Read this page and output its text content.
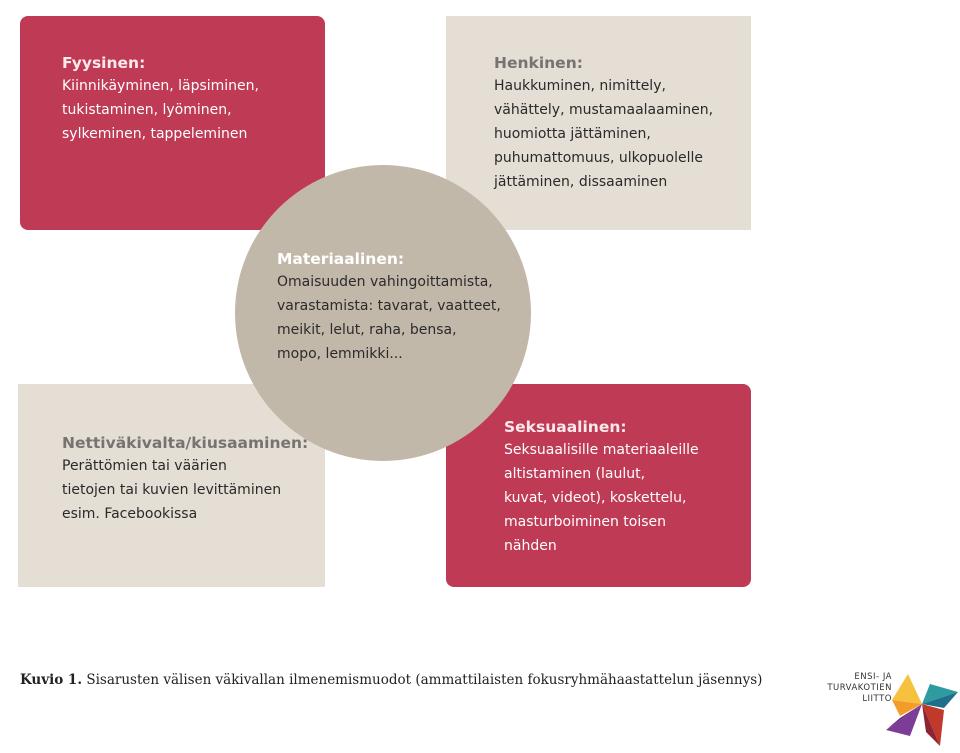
Fyysinen:
Kiinnikäyminen, läpsiminen,
tukistaminen, lyöminen,
sylkeminen, tappeleminen
Henkinen:
Haukkuminen, nimittely,
vähättely, mustamaalaaminen,
huomiotta jättäminen,
puhumattomuus, ulkopuolelle
jättäminen, dissaaminen
Nettiväkivalta/kiusaaminen:
Perättömien tai väärien
tietojen tai kuvien levittäminen
esim. Facebookissa
Seksuaalinen:
Seksuaalisille materiaaleille
altistaminen (laulut,
kuvat, videot), koskettelu,
masturboiminen toisen
nähden
Materiaalinen:
Omaisuuden vahingoittamista,
varastamista: tavarat, vaatteet,
meikit, lelut, raha, bensa,
mopo, lemmikki...
Kuvio 1. Sisarusten välisen väkivallan ilmenemismuodot (ammattilaisten fokusryhmähaastattelun jäsennys)	ENSI- JA
TURVAKOTIEN
LIITTO
